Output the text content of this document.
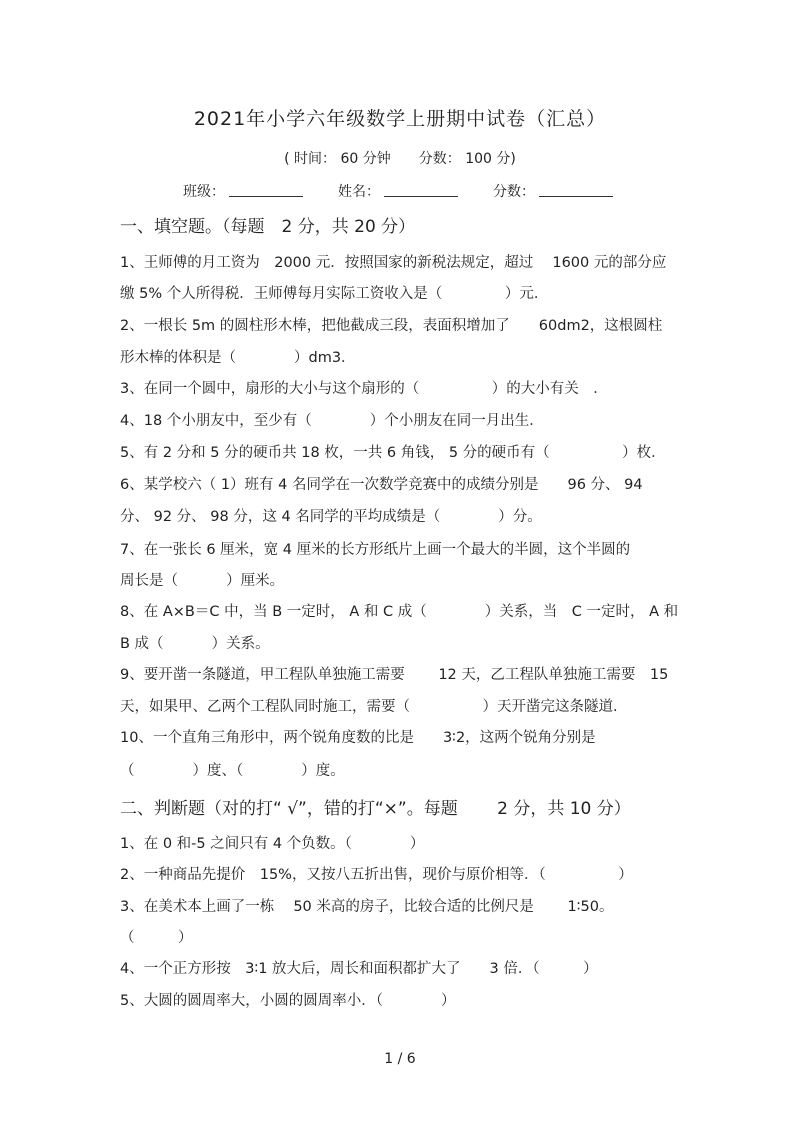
2021年小学六年级数学上册期中试卷（汇总）
( 时间： 60 分钟　　分数： 100 分)
班级：	姓名：	分数：
一、填空题。（每题　2 分，共 20 分）
1、王师傅的月工资为　2000 元．按照国家的新税法规定，超过　 1600 元的部分应
缴 5% 个人所得税．王师傅每月实际工资收入是（　　　　 ）元．
2、一根长 5m 的圆柱形木棒，把他截成三段，表面积增加了　　60dm2，这根圆柱
形木棒的体积是（　　　　）dm3．
3、在同一个圆中，扇形的大小与这个扇形的（　　　　　）的大小有关　．
4、18 个小朋友中，至少有（　　　　）个小朋友在同一月出生．
5、有 2 分和 5 分的硬币共 18 枚，一共 6 角钱， 5 分的硬币有（　　　　　）枚．
6、某学校六（ 1）班有 4 名同学在一次数学竞赛中的成绩分别是　　96 分、 94
分、 92 分、 98 分，这 4 名同学的平均成绩是（　　　　）分。
7、在一张长 6 厘米，宽 4 厘米的长方形纸片上画一个最大的半圆，这个半圆的
周长是（　　　 ）厘米。
8、在 A×B＝C 中，当 B 一定时， A 和 C 成（　　　　）关系，当　C 一定时， A 和
B 成（　　　 ）关系。
9、要开凿一条隧道，甲工程队单独施工需要　　 12 天，乙工程队单独施工需要　15
天，如果甲、乙两个工程队同时施工，需要（　　　　　）天开凿完这条隧道.
10、一个直角三角形中，两个锐角度数的比是　　3∶2，这两个锐角分别是
（　　　　）度、（　　　　）度。
二、判断题（对的打“ √”，错的打“×”。每题　　 2 分，共 10 分）
1、在 0 和-5 之间只有 4 个负数。（　　　　）
2、一种商品先提价　15%，又按八五折出售，现价与原价相等．（　　　　　）
3、在美术本上画了一栋　 50 米高的房子，比较合适的比例尺是　　 1∶50。
（　　　）
4、一个正方形按　3∶1 放大后，周长和面积都扩大了　　3 倍．（　　　）
5、大圆的圆周率大，小圆的圆周率小．（　　　　）
1 / 6
